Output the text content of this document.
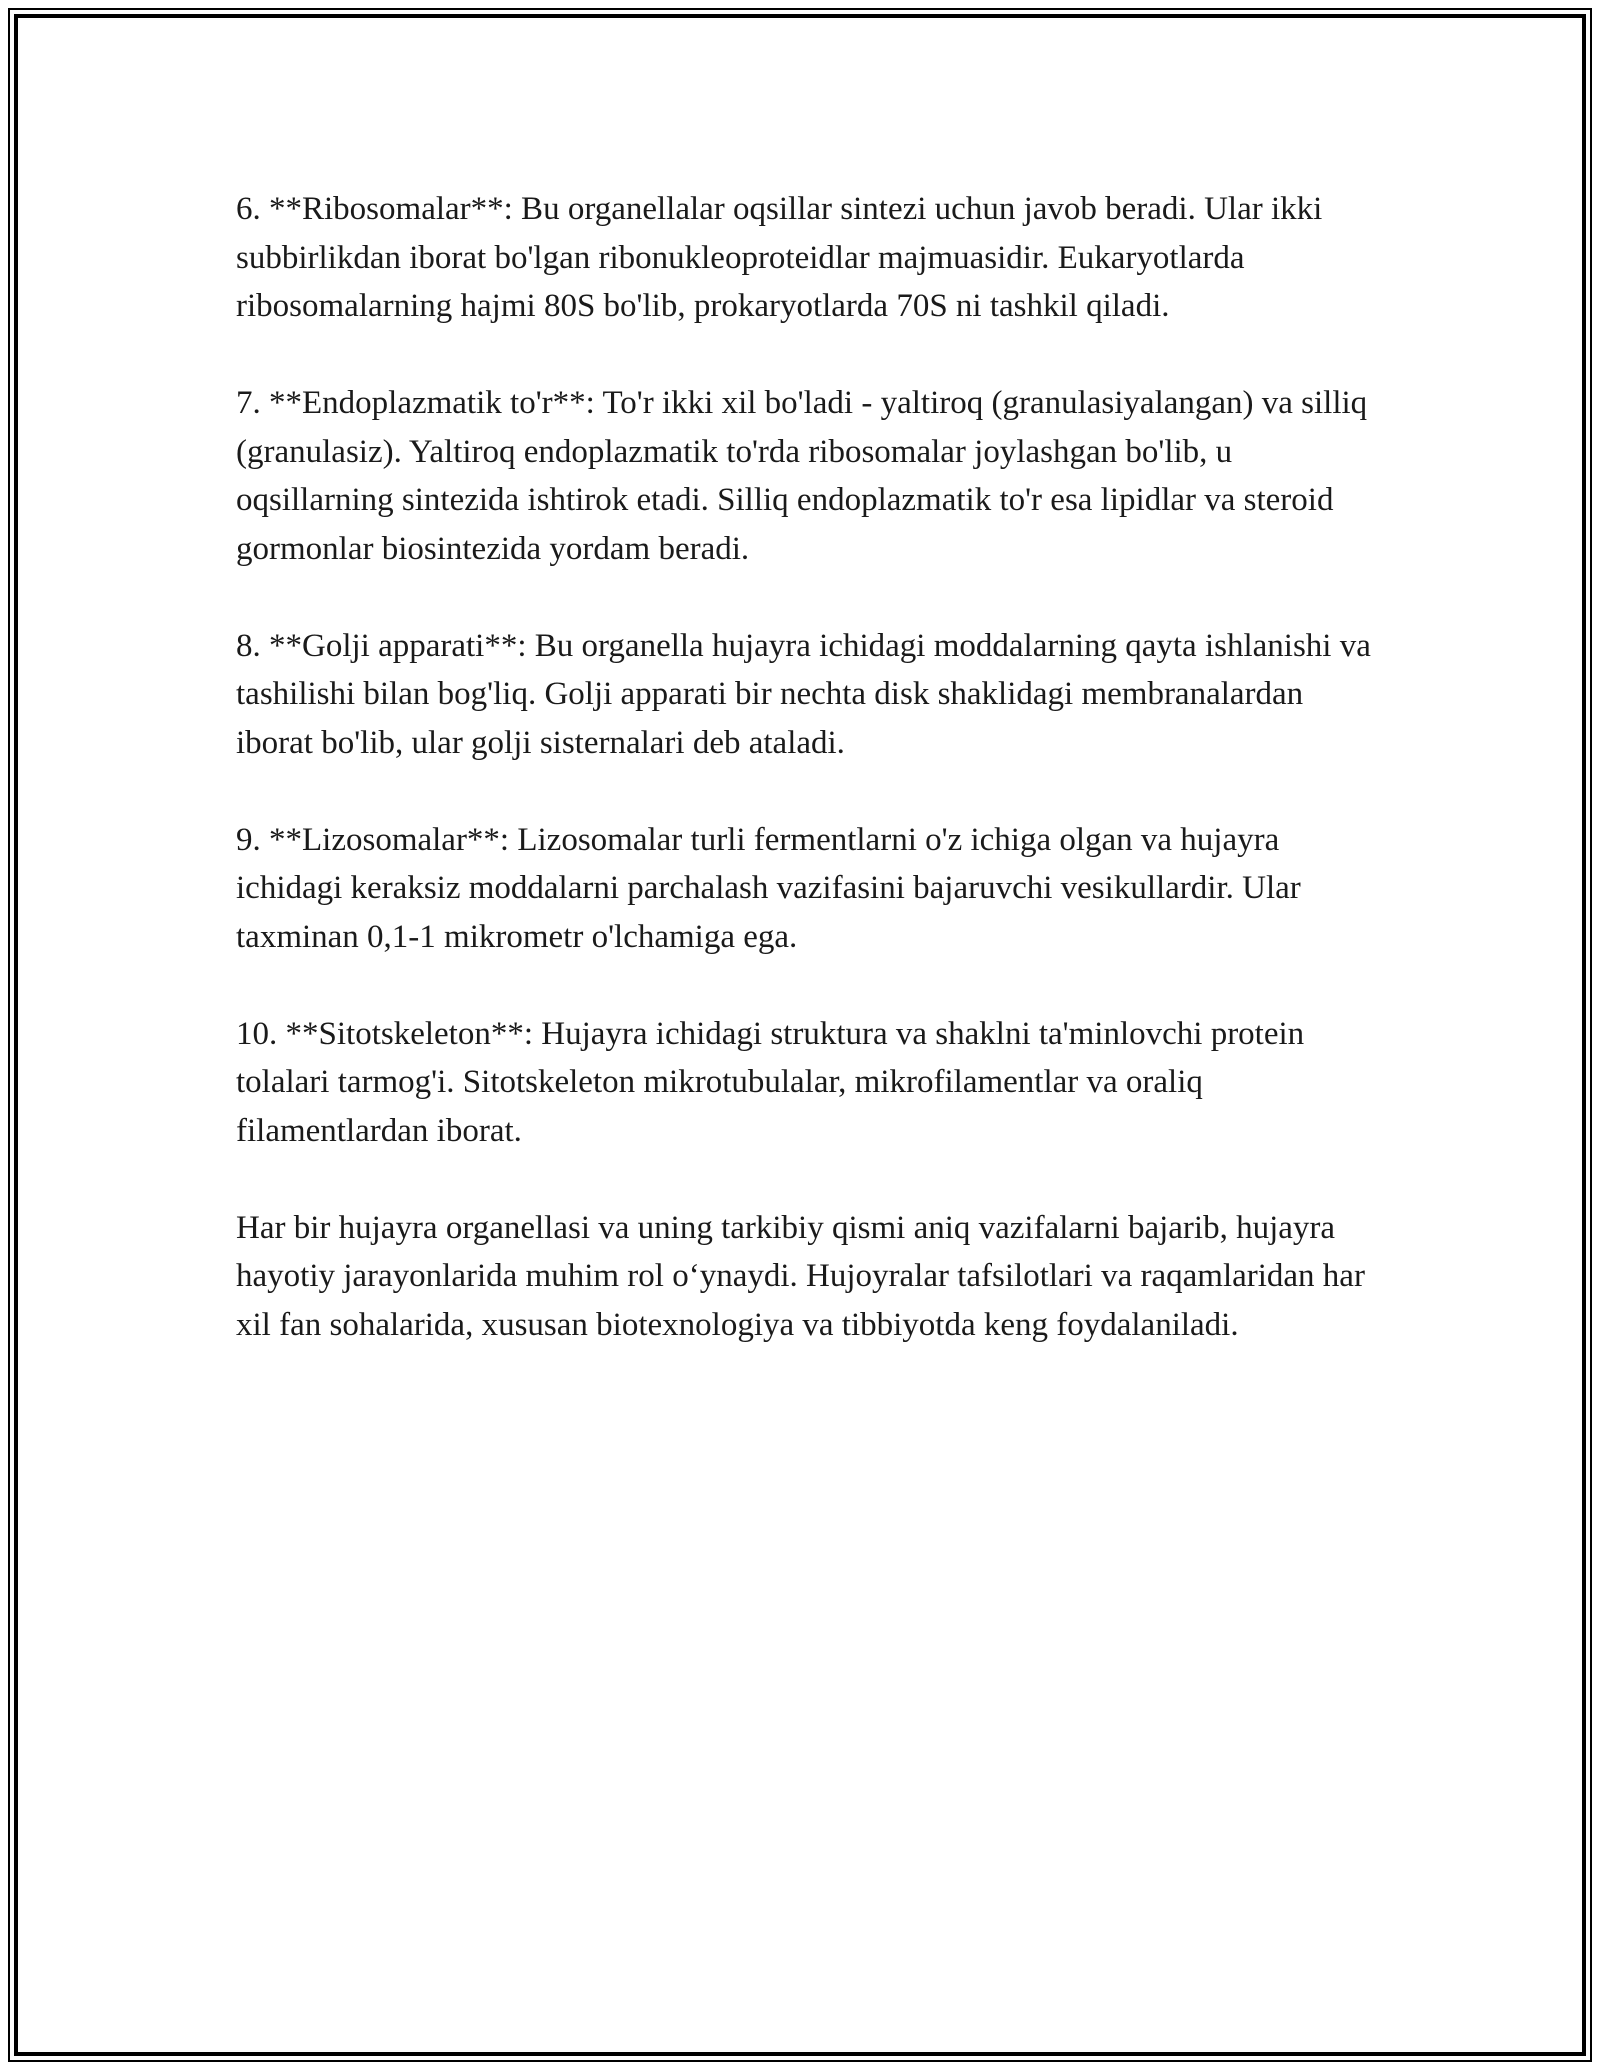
6. **Ribosomalar**: Bu organellalar oqsillar sintezi uchun javob beradi. Ular ikki subbirlikdan iborat bo'lgan ribonukleoproteidlar majmuasidir. Eukaryotlarda ribosomalarning hajmi 80S bo'lib, prokaryotlarda 70S ni tashkil qiladi.

7. **Endoplazmatik to'r**: To'r ikki xil bo'ladi - yaltiroq (granulasiyalangan) va silliq (granulasiz). Yaltiroq endoplazmatik to'rda ribosomalar joylashgan bo'lib, u oqsillarning sintezida ishtirok etadi. Silliq endoplazmatik to'r esa lipidlar va steroid gormonlar biosintezida yordam beradi.

8. **Golji apparati**: Bu organella hujayra ichidagi moddalarning qayta ishlanishi va tashilishi bilan bog'liq. Golji apparati bir nechta disk shaklidagi membranalardan iborat bo'lib, ular golji sisternalari deb ataladi.

9. **Lizosomalar**: Lizosomalar turli fermentlarni o'z ichiga olgan va hujayra ichidagi keraksiz moddalarni parchalash vazifasini bajaruvchi vesikullardir. Ular taxminan 0,1-1 mikrometr o'lchamiga ega.

10. **Sitotskeleton**: Hujayra ichidagi struktura va shaklni ta'minlovchi protein tolalari tarmog'i. Sitotskeleton mikrotubulalar, mikrofilamentlar va oraliq filamentlardan iborat.

Har bir hujayra organellasi va uning tarkibiy qismi aniq vazifalarni bajarib, hujayra hayotiy jarayonlarida muhim rol o‘ynaydi. Hujoyralar tafsilotlari va raqamlaridan har xil fan sohalarida, xususan biotexnologiya va tibbiyotda keng foydalaniladi.
